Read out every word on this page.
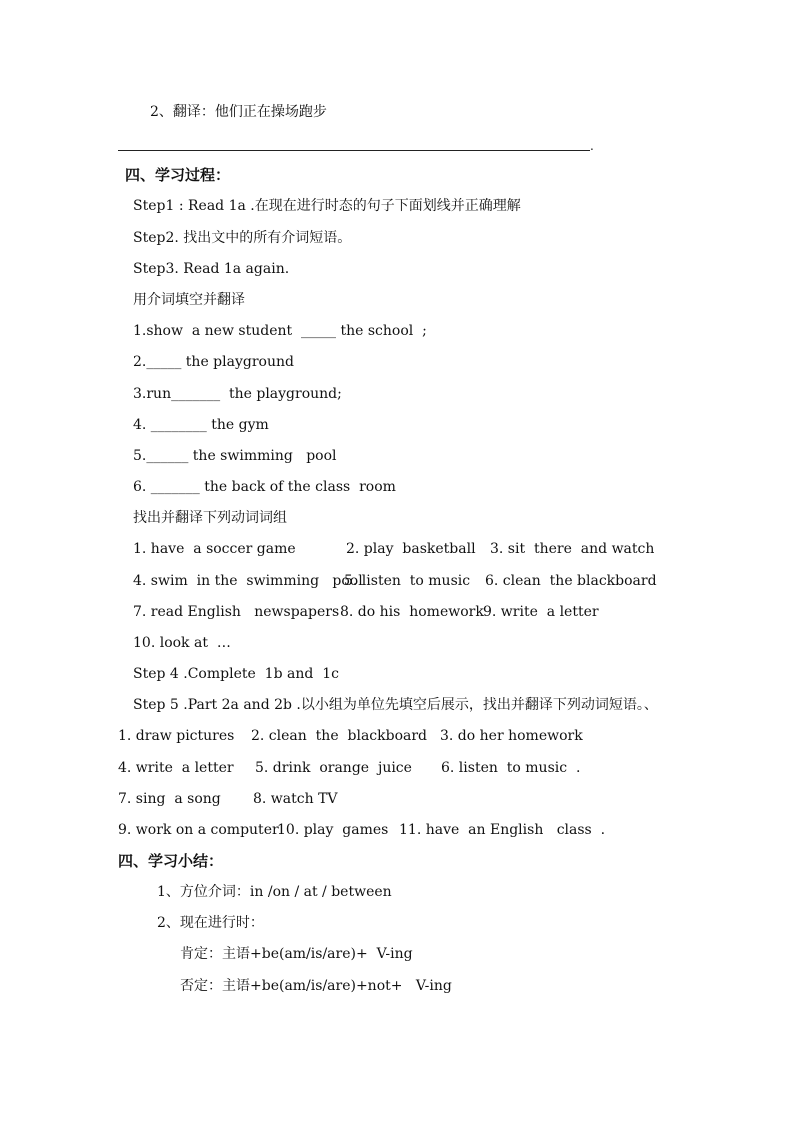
2、翻译：他们正在操场跑步
.
四、学习过程：
Step1 : Read 1a .在现在进行时态的句子下面划线并正确理解
Step2. 找出文中的所有介词短语。
Step3. Read 1a again.
用介词填空并翻译
1.show  a new student  _____ the school  ;
2._____ the playground
3.run_______  the playground;
4. ________ the gym
5.______ the swimming   pool
6. _______ the back of the class  room
找出并翻译下列动词词组
1. have  a soccer game	2. play  basketball 3. sit  there  and watch
4. swim  in the  swimming   pool
5. listen  to music 6. clean  the blackboard
7. read English   newspapers 8. do his  homework 9. write  a letter
10. look at  …
Step 4 .Complete  1b and  1c
Step 5 .Part 2a and 2b .以小组为单位先填空后展示，找出并翻译下列动词短语。、
1. draw pictures 2. clean  the  blackboard 3. do her homework
4. write  a letter 5. drink  orange  juice 6. listen  to music  .
7. sing  a song 8. watch TV
9. work on a computer
10. play  games 11. have  an English   class  .
四、学习小结：
1、方位介词：in /on / at / between
2、现在进行时：
肯定：主语+be(am/is/are)+  V-ing
否定：主语+be(am/is/are)+not+   V-ing
